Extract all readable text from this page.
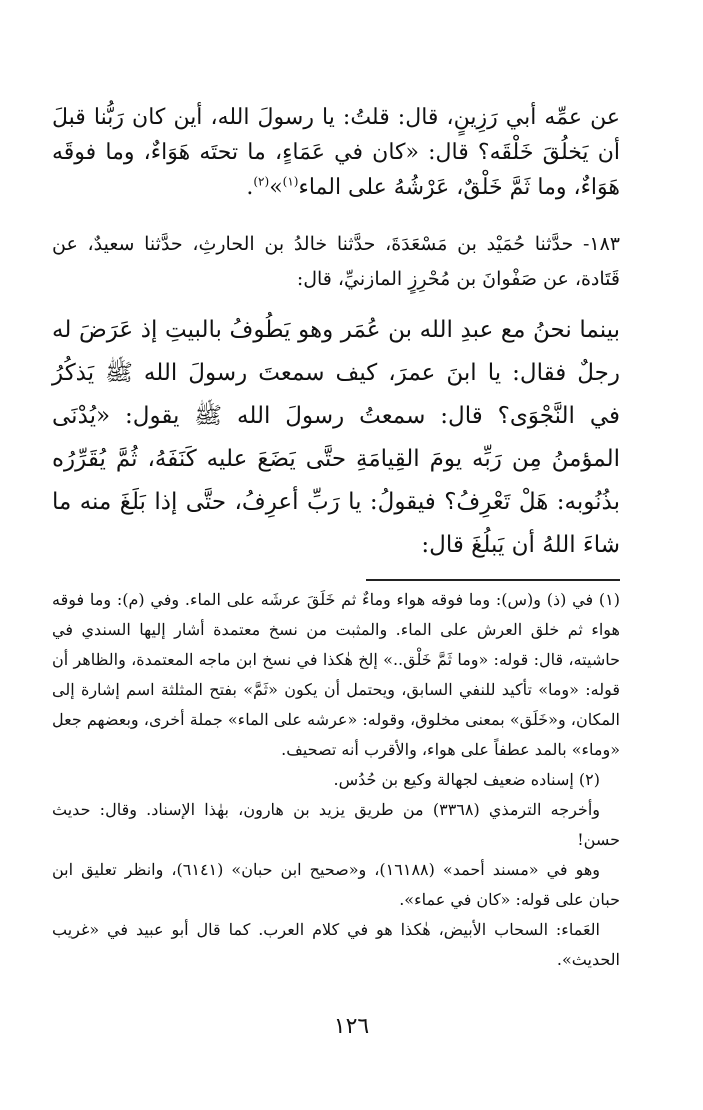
عن عمِّه أبي رَزِينٍ، قال: قلتُ: يا رسولَ الله، أين كان رَبُّنا قبلَ أن يَخلُقَ خَلْقَه؟ قال: «كان في عَمَاءٍ، ما تحتَه هَوَاءٌ، وما فوقَه هَوَاءٌ، وما ثَمَّ خَلْقٌ، عَرْشُهُ على الماء$^{(١)}$»$^{(٢)}$.

١٨٣- حدَّثنا حُمَيْد بن مَسْعَدَةَ، حدَّثنا خالدُ بن الحارثِ، حدَّثنا سعيدٌ، عن قَتَادة، عن صَفْوانَ بن مُحْرِزٍ المازنيِّ، قال:

بينما نحنُ مع عبدِ الله بن عُمَر وهو يَطُوفُ بالبيتِ إذ عَرَضَ له رجلٌ فقال: يا ابنَ عمرَ، كيف سمعتَ رسولَ الله ﷺ يَذكُرُ في النَّجْوَى؟ قال: سمعتُ رسولَ الله ﷺ يقول: «يُدْنَى المؤمنُ مِن رَبِّه يومَ القِيامَةِ حتَّى يَضَعَ عليه كَنَفَهُ، ثُمَّ يُقَرِّرُه بذُنُوبه: هَلْ تَعْرِفُ؟ فيقولُ: يا رَبِّ أعرِفُ، حتَّى إذا بَلَغَ منه ما شاءَ اللهُ أن يَبلُغَ قال:

(١) في (ذ) و(س): وما فوقه هواء وماءٌ ثم خَلَقَ عرشَه على الماء. وفي (م): وما فوقه هواء ثم خلق العرش على الماء. والمثبت من نسخ معتمدة أشار إليها السندي في حاشيته، قال: قوله: «وما ثَمَّ خَلْق..» إلخ هٰكذا في نسخ ابن ماجه المعتمدة، والظاهر أن قوله: «وما» تأكيد للنفي السابق، ويحتمل أن يكون «ثَمَّ» بفتح المثلثة اسم إشارة إلى المكان، و«خَلَق» بمعنى مخلوق، وقوله: «عرشه على الماء» جملة أخرى، وبعضهم جعل «وماء» بالمد عطفاً على هواء، والأقرب أنه تصحيف.

(٢) إسناده ضعيف لجهالة وكيع بن حُدُس.

وأخرجه الترمذي (٣٣٦٨) من طريق يزيد بن هارون، بهٰذا الإسناد. وقال: حديث حسن!

وهو في «مسند أحمد» (١٦١٨٨)، و«صحيح ابن حبان» (٦١٤١)، وانظر تعليق ابن حبان على قوله: «كان في عماء».

العَماء: السحاب الأبيض، هٰكذا هو في كلام العرب. كما قال أبو عبيد في «غريب الحديث».

١٢٦
